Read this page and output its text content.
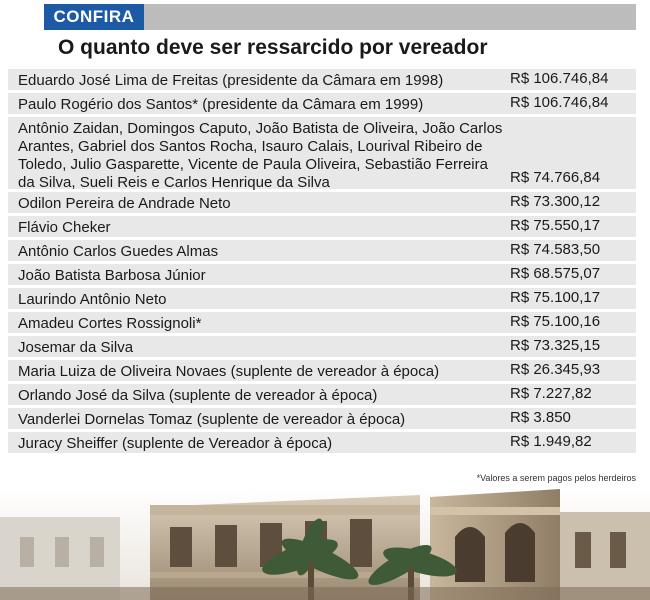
CONFIRA
O quanto deve ser ressarcido por vereador
Eduardo José Lima de Freitas (presidente da Câmara em 1998)	R$ 106.746,84
Paulo Rogério dos Santos* (presidente da Câmara em 1999)	R$ 106.746,84
Antônio Zaidan, Domingos Caputo, João Batista de Oliveira, João Carlos Arantes, Gabriel dos Santos Rocha, Isauro Calais, Lourival Ribeiro de Toledo, Julio Gasparette, Vicente de Paula Oliveira, Sebastião Ferreira da Silva, Sueli Reis e Carlos Henrique da Silva	R$ 74.766,84
Odilon Pereira de Andrade Neto	R$ 73.300,12
Flávio Cheker	R$ 75.550,17
Antônio Carlos Guedes Almas	R$ 74.583,50
João Batista Barbosa Júnior	R$ 68.575,07
Laurindo Antônio Neto	R$ 75.100,17
Amadeu Cortes Rossignoli*	R$ 75.100,16
Josemar da Silva	R$ 73.325,15
Maria Luiza de Oliveira Novaes (suplente de vereador à época)	R$ 26.345,93
Orlando José da Silva (suplente de vereador à época)	R$ 7.227,82
Vanderlei Dornelas Tomaz (suplente de vereador à época)	R$ 3.850
Juracy Sheiffer (suplente de Vereador à época)	R$ 1.949,82
*Valores a serem pagos pelos herdeiros
